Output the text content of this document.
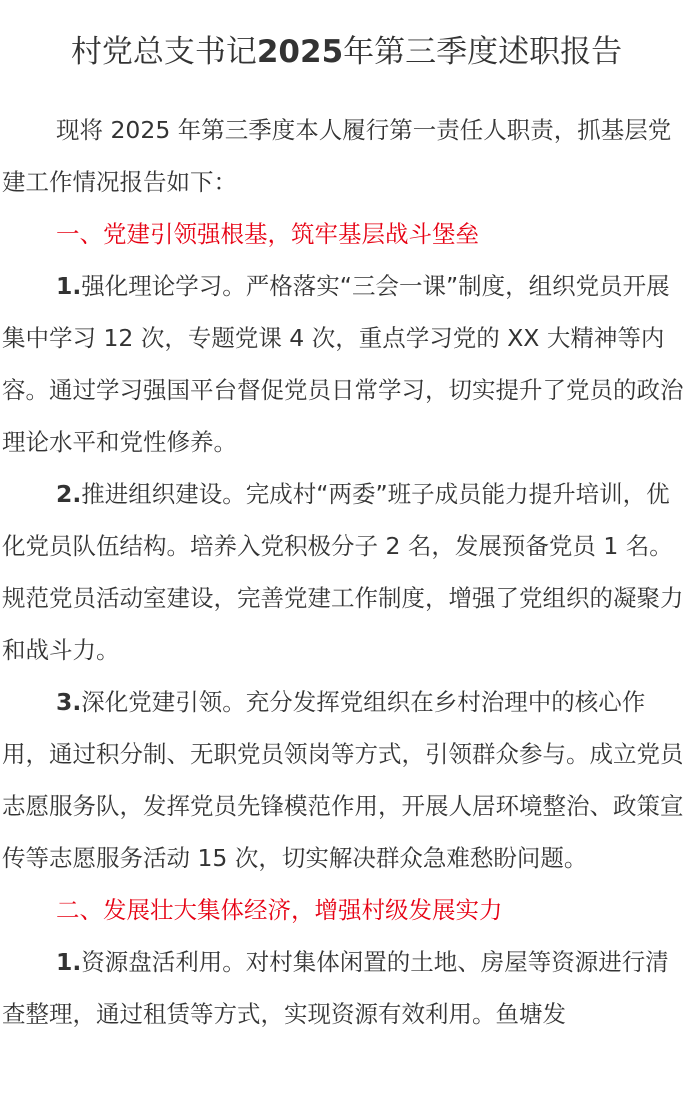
村党总支书记2025年第三季度述职报告

现将 2025 年第三季度本人履行第一责任人职责，抓基层党建工作情况报告如下：

一、党建引领强根基，筑牢基层战斗堡垒

1.强化理论学习。严格落实“三会一课”制度，组织党员开展集中学习 12 次，专题党课 4 次，重点学习党的 XX 大精神等内容。通过学习强国平台督促党员日常学习，切实提升了党员的政治理论水平和党性修养。

2.推进组织建设。完成村“两委”班子成员能力提升培训，优化党员队伍结构。培养入党积极分子 2 名，发展预备党员 1 名。规范党员活动室建设，完善党建工作制度，增强了党组织的凝聚力和战斗力。

3.深化党建引领。充分发挥党组织在乡村治理中的核心作用，通过积分制、无职党员领岗等方式，引领群众参与。成立党员志愿服务队，发挥党员先锋模范作用，开展人居环境整治、政策宣传等志愿服务活动 15 次，切实解决群众急难愁盼问题。

二、发展壮大集体经济，增强村级发展实力

1.资源盘活利用。对村集体闲置的土地、房屋等资源进行清查整理，通过租赁等方式，实现资源有效利用。鱼塘发
